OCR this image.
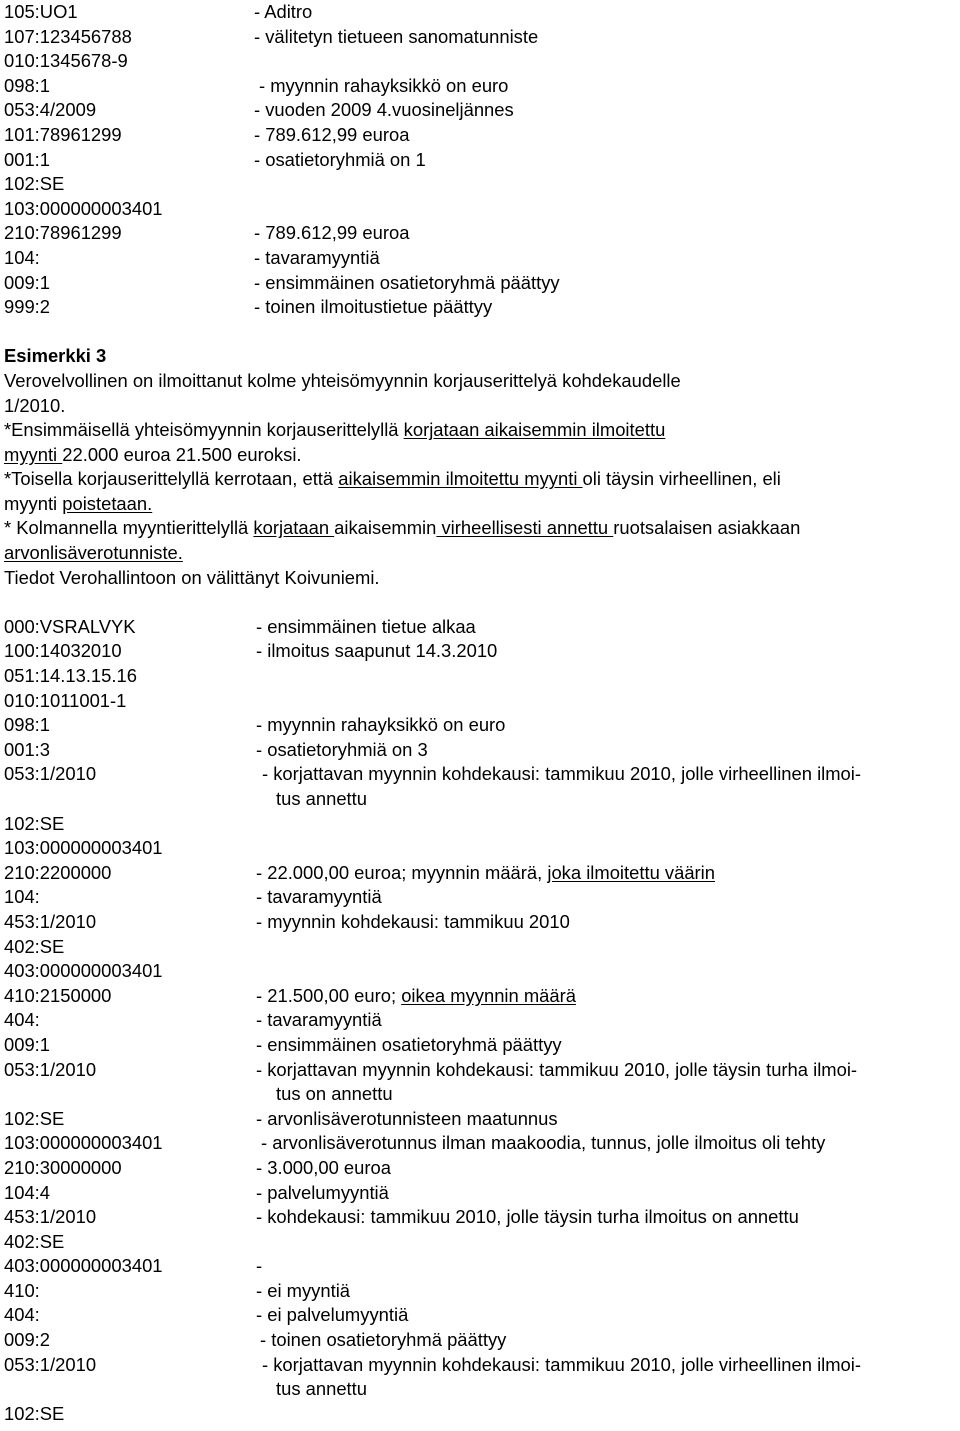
105:UO1	- Aditro
107:123456788	- välitetyn tietueen sanomatunniste
010:1345678-9
098:1	- myynnin rahayksikkö on euro
053:4/2009	- vuoden 2009 4.vuosineljännes
101:78961299	- 789.612,99 euroa
001:1	- osatietoryhmiä on 1
102:SE
103:000000003401
210:78961299	- 789.612,99 euroa
104:	- tavaramyyntiä
009:1	- ensimmäinen osatietoryhmä päättyy
999:2	- toinen ilmoitustietue päättyy
Esimerkki 3
Verovelvollinen on ilmoittanut kolme yhteisömyynnin korjauserittelyä kohdekaudelle
1/2010.
*Ensimmäisellä yhteisömyynnin korjauserittelyllä korjataan aikaisemmin ilmoitettu
myynti 22.000 euroa 21.500 euroksi.
*Toisella korjauserittelyllä kerrotaan, että aikaisemmin ilmoitettu myynti oli täysin virheellinen, eli
myynti poistetaan.
* Kolmannella myyntierittelyllä korjataan aikaisemmin virheellisesti annettu ruotsalaisen asiakkaan
arvonlisäverotunniste.
Tiedot Verohallintoon on välittänyt Koivuniemi.
000:VSRALVYK	- ensimmäinen tietue alkaa
100:14032010	- ilmoitus saapunut 14.3.2010
051:14.13.15.16
010:1011001-1
098:1	- myynnin rahayksikkö on euro
001:3	- osatietoryhmiä on 3
053:1/2010	- korjattavan myynnin kohdekausi: tammikuu 2010, jolle virheellinen ilmoi-
tus annettu
102:SE
103:000000003401
210:2200000	- 22.000,00 euroa; myynnin määrä, joka ilmoitettu väärin
104:	- tavaramyyntiä
453:1/2010	- myynnin kohdekausi: tammikuu 2010
402:SE
403:000000003401
410:2150000	- 21.500,00 euro; oikea myynnin määrä
404:	- tavaramyyntiä
009:1	- ensimmäinen osatietoryhmä päättyy
053:1/2010	- korjattavan myynnin kohdekausi: tammikuu 2010, jolle täysin turha ilmoi-
tus on annettu
102:SE	- arvonlisäverotunnisteen maatunnus
103:000000003401	- arvonlisäverotunnus ilman maakoodia, tunnus, jolle ilmoitus oli tehty
210:30000000	- 3.000,00 euroa
104:4	- palvelumyyntiä
453:1/2010	- kohdekausi: tammikuu 2010, jolle täysin turha ilmoitus on annettu
402:SE
403:000000003401	-
410:	- ei myyntiä
404:	- ei palvelumyyntiä
009:2	- toinen osatietoryhmä päättyy
053:1/2010	- korjattavan myynnin kohdekausi: tammikuu 2010, jolle virheellinen ilmoi-
tus annettu
102:SE
